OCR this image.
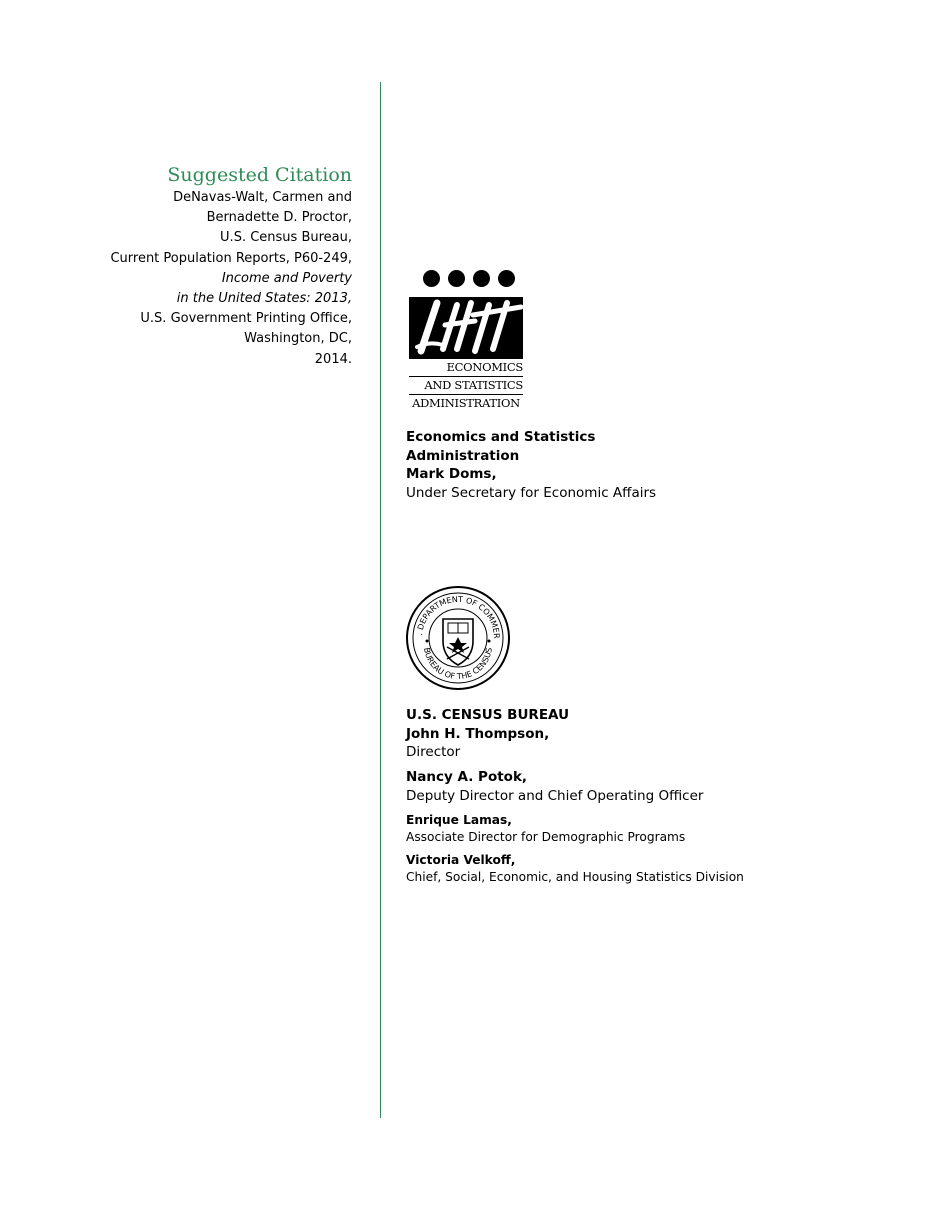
Suggested Citation
DeNavas-Walt, Carmen and
Bernadette D. Proctor,
U.S. Census Bureau,
Current Population Reports, P60-249,
Income and Poverty
in the United States: 2013,
U.S. Government Printing Office,
Washington, DC,
2014.
ECONOMICS
AND STATISTICS
ADMINISTRATION
Economics and Statistics
Administration
Mark Doms,
Under Secretary for Economic Affairs
. DEPARTMENT OF COMMER
BUREAU OF THE CENSUS
U.S. CENSUS BUREAU
John H. Thompson,
Director
Nancy A. Potok,
Deputy Director and Chief Operating Officer
Enrique Lamas,
Associate Director for Demographic Programs
Victoria Velkoff,
Chief, Social, Economic, and Housing Statistics Division
